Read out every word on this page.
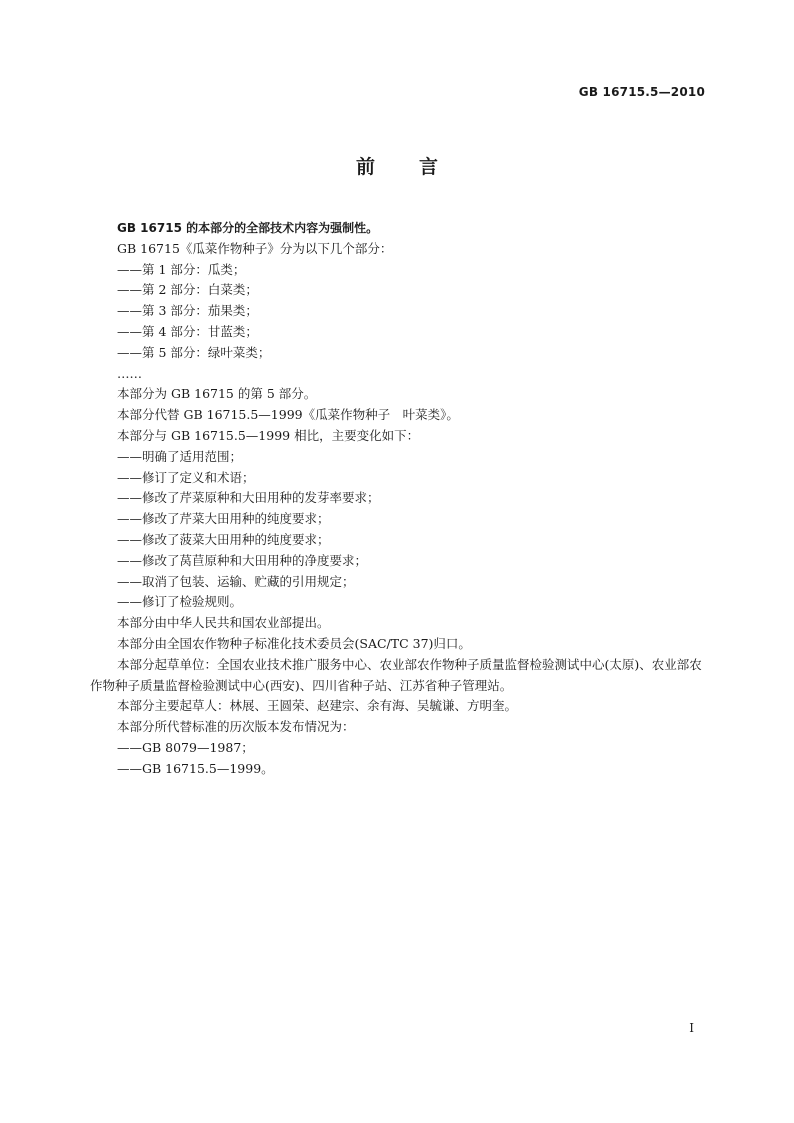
GB 16715.5—2010
前言
GB 16715 的本部分的全部技术内容为强制性。
GB 16715《瓜菜作物种子》分为以下几个部分：
——第 1 部分：瓜类；
——第 2 部分：白菜类；
——第 3 部分：茄果类；
——第 4 部分：甘蓝类；
——第 5 部分：绿叶菜类；
……
本部分为 GB 16715 的第 5 部分。
本部分代替 GB 16715.5—1999《瓜菜作物种子　叶菜类》。
本部分与 GB 16715.5—1999 相比，主要变化如下：
——明确了适用范围；
——修订了定义和术语；
——修改了芹菜原种和大田用种的发芽率要求；
——修改了芹菜大田用种的纯度要求；
——修改了菠菜大田用种的纯度要求；
——修改了莴苣原种和大田用种的净度要求；
——取消了包装、运输、贮藏的引用规定；
——修订了检验规则。
本部分由中华人民共和国农业部提出。
本部分由全国农作物种子标准化技术委员会(SAC/TC 37)归口。
本部分起草单位：全国农业技术推广服务中心、农业部农作物种子质量监督检验测试中心(太原)、农业部农作物种子质量监督检验测试中心(西安)、四川省种子站、江苏省种子管理站。
本部分主要起草人：林展、王圆荣、赵建宗、余有海、吴毓谦、方明奎。
本部分所代替标准的历次版本发布情况为：
——GB 8079—1987；
——GB 16715.5—1999。
I
